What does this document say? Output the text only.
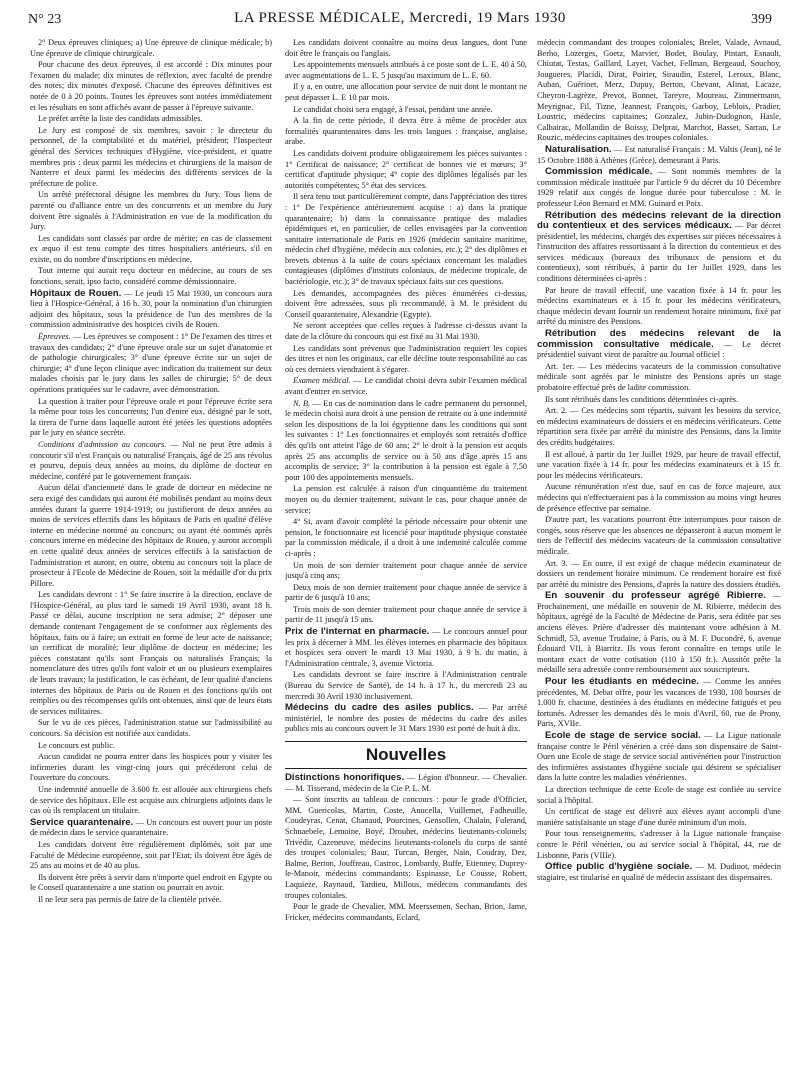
N° 23	LA PRESSE MÉDICALE, Mercredi, 19 Mars 1930	399

2° Deux épreuves cliniques; a) Une épreuve de clinique médicale; b) Une épreuve de clinique chirurgicale.

Pour chacune des deux épreuves, il est accordé : Dix minutes pour l'examen du malade; dix minutes de réflexion, avec faculté de prendre des notes; dix minutes d'exposé. Chacune des épreuves définitives est notée de 0 à 20 points. Toutes les épreuves sont notées immédiatement et les résultats en sont affichés avant de passer à l'épreuve suivante.

Le préfet arrête la liste des candidats admissibles.

Le Jury est composé de six membres, savoir : le directeur du personnel, de la comptabilité et du matériel, président; l'Inspecteur général des Services techniques d'Hygiène, vice-président, et quatre membres pris : deux parmi les médecins et chirurgiens de la maison de Nanterre et deux parmi les médecins des différents services de la préfecture de police.

Un arrêté préfectoral désigne les membres du Jury. Tous liens de parenté ou d'alliance entre un des concurrents et un membre du Jury doivent être signalés à l'Administration en vue de la modification du Jury.

Les candidats sont classés par ordre de mérite; en cas de classement ex æquo il est tenu compte des titres hospitaliers antérieurs, s'il en existe, ou du nombre d'inscriptions en médecine.

Tout interne qui aurait reçu docteur en médecine, au cours de ses fonctions, serait, ipso facto, considéré comme démissionnaire.

Hôpitaux de Rouen. — Le jeudi 15 Mai 1930, un concours aura lieu à l'Hospice-Général, à 16 h. 30, pour la nomination d'un chirurgien adjoint des hôpitaux, sous la présidence de l'un des membres de la commission administrative des hospices civils de Rouen.

Épreuves. — Les épreuves se composent : 1° De l'examen des titres et travaux des candidats; 2° d'une épreuve orale sur un sujet d'anatomie et de pathologie chirurgicales; 3° d'une épreuve écrite sur un sujet de chirurgie; 4° d'une leçon clinique avec indication du traitement sur deux malades choisis par le jury dans les salles de chirurgie; 5° de deux opérations pratiquées sur le cadavre, avec démonstration.

La question à traiter pour l'épreuve orale et pour l'épreuve écrite sera la même pour tous les concurrents; l'un d'entre eux, désigné par le sort, la tirera de l'urne dans laquelle auront été jetées les questions adoptées par le jury en séance secrète.

Conditions d'admission au concours. — Nul ne peut être admis à concourir s'il n'est Français ou naturalisé Français, âgé de 25 ans révolus et pourvu, depuis deux années au moins, du diplôme de docteur en médecine, conféré par le gouvernement français.

Aucun délai d'ancienneté dans le grade de docteur en médecine ne sera exigé des candidats qui auront été mobilisés pendant au moins deux années durant la guerre 1914-1919; ou justifieront de deux années au moins de services effectifs dans les hôpitaux de Paris en qualité d'élève interne en médecine nommé au concours; ou ayant été nommés après concours interne en médecine des hôpitaux de Rouen, y auront accompli en cette qualité deux années de services effectifs à la satisfaction de l'administration et auront, en outre, obtenu au concours soit la place de prosecteur à l'Ecole de Médecine de Rouen, soit la médaille d'or du prix Pillore.

Les candidats devront : 1° Se faire inscrire à la direction, enclave de l'Hospice-Général, au plus tard le samedi 19 Avril 1930, avant 18 h. Passé ce délai, aucune inscription ne sera admise; 2° déposer une demande contenant l'engagement de se conformer aux règlements des hôpitaux, faits ou à faire; un extrait en forme de leur acte de naissance; un certificat de moralité; leur diplôme de docteur en médecine; les pièces constatant qu'ils sont Français ou naturalisés Français; la nomenclature des titres qu'ils font valoir et un ou plusieurs exemplaires de leurs travaux; la justification, le cas échéant, de leur qualité d'anciens internes des hôpitaux de Paris ou de Rouen et des fonctions qu'ils ont remplies ou des récompenses qu'ils ont obtenues, ainsi que de leurs états de services militaires.

Sur le vu de ces pièces, l'administration statue sur l'admissibilité au concours. Sa décision est notifiée aux candidats.

Le concours est public.

Aucun candidat ne pourra entrer dans les hospices pour y visiter les infirmeries durant les vingt-cinq jours qui précéderont celui de l'ouverture du concours.

Une indemnité annuelle de 3.600 fr. est allouée aux chirurgiens chefs de service des hôpitaux. Elle est acquise aux chirurgiens adjoints dans le cas où ils remplacent un titulaire.

Service quarantenaire. — Un concours est ouvert pour un poste de médecin dans le service quarantenaire.

Les candidats doivent être régulièrement diplômés, soit par une Faculté de Médecine européenne, soit par l'Etat; ils doivent être âgés de 25 ans au moins et de 40 au plus.

Ils doivent être prêts à servir dans n'importe quel endroit en Egypte ou le Conseil quarantenaire a une station ou pourrait en avoir.

Il ne leur sera pas permis de faire de la clientèle privée.

Les candidats doivent connaître au moins deux langues, dont l'une doit être le français ou l'anglais.

Les appointements mensuels attribués à ce poste sont de L. E. 40 à 50, avec augmentations de L. E. 5 jusqu'au maximum de L. E. 60.

Il y a, en outre, une allocation pour service de nuit dont le montant ne peut dépasser L. E 10 par mois.

Le candidat choisi sera engagé, à l'essai, pendant une année.

A la fin de cette période, il devra être à même de procéder aux formalités quarantenaires dans les trois langues : française, anglaise, arabe.

Les candidats doivent produire obligatoirement les pièces suivantes : 1° Certificat de naissance; 2° certificat de bonnes vie et mœurs; 3° certificat d'aptitude physique; 4° copie des diplômes légalisés par les autorités compétentes; 5° état des services.

Il sera tenu tout particulièrement compte, dans l'appréciation des titres : 1° De l'expérience antérieurement acquise : a) dans la pratique quarantenaire; b) dans la connaissance pratique des maladies épidémiques et, en particulier, de celles envisagées par la convention sanitaire internationale de Paris en 1926 (médecin sanitaire maritime, médecin chef d'hygiène, médecin aux colonies, etc.); 2° des diplômes et brevets obtenus à la suite de cours spéciaux concernant les maladies contagieuses (diplômes d'instituts coloniaux, de médecine tropicale, de bactériologie, etc.); 3° de travaux spéciaux faits sur ces questions.

Les demandes, accompagnées des pièces énumérées ci-dessus, doivent être adressées, sous pli recommandé, à M. le président du Conseil quarantenaire, Alexandrie (Egypte).

Ne seront acceptées que celles reçues à l'adresse ci-dessus avant la date de la clôture du concours qui est fixé au 31 Mai 1930.

Les candidats sont prévenus que l'administration requiert les copies des titres et non les originaux, car elle décline toute responsabilité au cas où ces derniers viendraient à s'égarer.

Examen médical. — Le candidat choisi devra subir l'examen médical avant d'entrer en service.

N. B. — En cas de nomination dans le cadre permanent du personnel, le médecin choisi aura droit à une pension de retraite ou à une indemnité selon les dispositions de la loi égyptienne dans les conditions qui sont les suivantes : 1° Les fonctionnaires et employés sont retraités d'office dès qu'ils ont atteint l'âge de 60 ans; 2° le droit à la pension est acquis après 25 ans accomplis de service ou à 50 ans d'âge après 15 ans accomplis de service; 3° la contribution à la pension est égale à 7,50 pour 100 des appointements mensuels.

La pension est calculée à raison d'un cinquantième du traitement moyen ou du dernier traitement, suivant le cas, pour chaque année de service;

4° Si, avant d'avoir complété la période nécessaire pour obtenir une pension, le fonctionnaire est licencié pour inaptitude physique constatée par la commission médicale, il a droit à une indemnité calculée comme ci-après :

Un mois de son dernier traitement pour chaque année de service jusqu'à cinq ans;

Deux mois de son dernier traitement pour chaque année de service à partir de 6 jusqu'à 10 ans;

Trois mois de son dernier traitement pour chaque année de service à partir de 11 jusqu'à 15 ans.

Prix de l'internat en pharmacie. — Le concours annuel pour les prix à décerner à MM. les élèves internes en pharmacie des hôpitaux et hospices sera ouvert le mardi 13 Mai 1930, à 9 h. du matin, à l'Administration centrale, 3, avenue Victoria.

Les candidats devront se faire inscrire à l'Administration centrale (Bureau du Service de Santé), de 14 h. à 17 h., du mercredi 23 au mercredi 30 Avril 1930 inclusivement.

Médecins du cadre des asiles publics. — Par arrêté ministériel, le nombre des postes de médecins du cadre des asiles publics mis au concours ouvert le 31 Mars 1930 est porté de huit à dix.

Nouvelles

Distinctions honorifiques. — Légion d'honneur. — Chevalier. — M. Tisserand, médecin de la Cie P. L. M.

— Sont inscrits au tableau de concours : pour le grade d'Officier, MM. Guericolas, Martin, Coste, Anucella, Vuillemet, Fadheuille, Coudeyras, Cenat, Chanaud, Pourcines, Gensollen, Chalain, Fulerand, Schnaebele, Lemoine, Boyé, Drouhet, médecins lieutenants-colonels; Trivédir, Cazeneuve, médecins lieutenants-colonels du corps de santé des troupes coloniales; Baur, Turcan, Berger, Nain, Coudray, Dez, Balme, Berton, Jouffreau, Castroc, Lombardy, Buffe, Etienney, Duprey-le-Manoir, médecins commandants: Espinasse, Le Cousse, Robert, Laquieze, Raynaud, Tardieu, Millous, médecins commandants des troupes coloniales.

Pour le grade de Chevalier, MM. Meerssemen, Sechan, Brion, Jame, Fricker, médecins commandants, Eclard,

médecin commandant des troupes coloniales; Brelet, Valade, Avnaud, Berho, Lozerges, Goetz, Marvier, Bodet, Boulay, Pintart, Esnault, Chiutat, Testas, Gaillard, Layet, Vachet, Fellman, Bergeaud, Souchoy, Jougueres, Placidi, Dirat, Poirier, Siraudin, Esterel, Leroux, Blanc, Auban, Guérinet, Merz, Dupuy, Berton, Chevant, Alinat, Lacaze, Cheyron-Lagrèze, Prevot, Bonnet, Tareyre, Moureau, Zimmermann, Meyrignac, Fil, Tizne, Jeannest, François, Garboy, Leblois, Pradier, Loustric, médecins capitaines; Gonzalez, Jubin-Dudognon, Hasle, Calbairac, Mollandin de Boissy, Delprat, Marchot, Basset, Sarran, Le Rouzic, médecins capitaines des troupes coloniales.

Naturalisation. — Est naturalisé Français : M. Valtis (Jean), né le 15 Octobre 1888 à Athènes (Grèce), demeurant à Paris.

Commission médicale. — Sont nommés membres de la commission médicale instituée par l'article 9 du décret du 10 Décembre 1929 relatif aux congés de longue durée pour tuberculose : M. le professeur Léon Bernard et MM. Guinard et Poix.

Rétribution des médecins relevant de la direction du contentieux et des services médicaux. — Par décret présidentiel, les médecins, chargés des expertises sur pièces nécessaires à l'instruction des affaires ressortissant à la direction du contentieux et des services médicaux (bureaux des tribunaux de pensions et du contentieux), sont rétribués, à partir du 1er Juillet 1929, dans les conditions déterminées ci-après :

Par heure de travail effectif, une vacation fixée à 14 fr. pour les médecins examinateurs et à 15 fr. pour les médecins vérificateurs, chaque médecin devant fournir un rendement horaire minimum, fixé par arrêté du ministre des Pensions.

Rétribution des médecins relevant de la commission consultative médicale. — Le décret présidentiel suivant vient de paraître au Journal officiel :

Art. 1er. — Les médecins vacateurs de la commission consultative médicale sont agréés par le ministre des Pensions après un stage probatoire effectué près de ladite commission.

Ils sont rétribués dans les conditions déterminées ci-après.

Art. 2. — Ces médecins sont répartis, suivant les besoins du service, en médecins examinateurs de dossiers et en médecins vérificateurs. Cette répartition sera fixée par arrêté du ministre des Pensions, dans la limite des crédits budgétaires.

Il est alloué, à partir du 1er Juillet 1929, par heure de travail effectif, une vacation fixée à 14 fr. pour les médecins examinateurs et à 15 fr. pour les médecins vérificateurs.

Aucune rémunération n'est due, sauf en cas de force majeure, aux médecins qui n'effectueraient pas à la commission au moins vingt heures de présence effective par semaine.

D'autre part, les vacations pourront être interrompues pour raison de congés, sous réserve que les absences ne dépasseront à aucun moment le tiers de l'effectif des médecins vacateurs de la commission consultative médicale.

Art. 3. — En outre, il est exigé de chaque médecin examinateur de dossiers un rendement horaire minimum. Ce rendement horaire est fixé par arrêté du ministre des Pensions, d'après la nature des dossiers étudiés.

En souvenir du professeur agrégé Ribierre. — Prochainement, une médaille en souvenir de M. Ribierre, médecin des hôpitaux, agrégé de la Faculté de Médecine de Paris, sera éditée par ses anciens élèves. Prière d'adresser dès maintenant votre adhésion à M. Schmidl, 53, avenue Trudaine, à Paris, ou à M. F. Ducondré, 6, avenue Édouard VII, à Biarritz. Ils vous feront connaître en temps utile le montant exact de votre cotisation (110 à 150 fr.). Aussitôt prête la médaille sera adressée contre remboursement aux souscripteurs.

Pour les étudiants en médecine. — Comme les années précédentes, M. Debat offre, pour les vacances de 1930, 100 bourses de 1.000 fr. chacune, destinées à des étudiants en médecine fatigués et peu fortunés. Adresser les demandes dès le mois d'Avril, 60, rue de Prony, Paris, XVIIe.

Ecole de stage de service social. — La Ligue nationale française contre le Péril vénérien a créé dans son dispensaire de Saint-Ouen une Ecole de stage de service social antivénérien pour l'instruction des infirmières assistantes d'hygiène sociale qui désirent se spécialiser dans la lutte contre les maladies vénériennes.

La direction technique de cette Ecole de stage est confiée au service social à l'hôpital.

Un certificat de stage est délivré aux élèves ayant accompli d'une manière satisfaisante un stage d'une durée minimum d'un mois.

Pour tous renseignements, s'adresser à la Ligue nationale française contre le Péril vénérien, ou au service social à l'hôpital, 44, rue de Lisbonne, Paris (VIIIe).

Office public d'hygiène sociale. — M. Dudinot, médecin stagiaire, est titularisé en qualité de médecin assistant des dispensaires.
